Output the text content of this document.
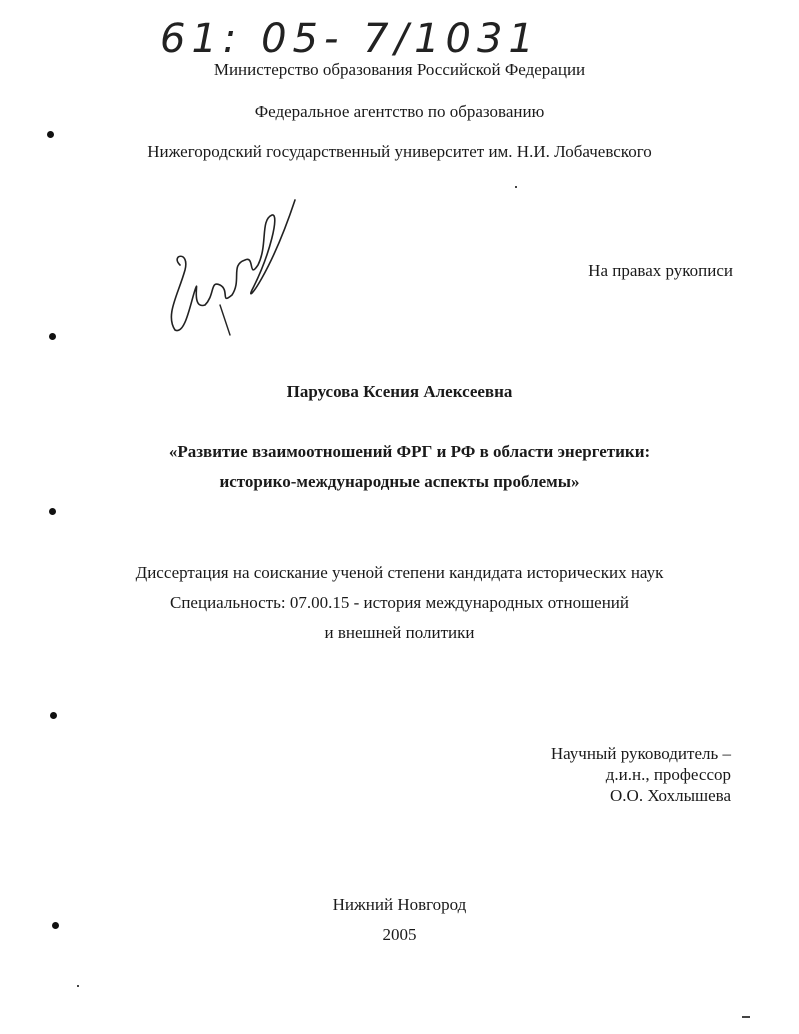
61: 05- 7/1031
Министерство образования Российской Федерации
Федеральное агентство по образованию
Нижегородский государственный университет им. Н.И. Лобачевского
На правах рукописи
Парусова Ксения Алексеевна
«Развитие взаимоотношений ФРГ и РФ в области энергетики:
историко-международные аспекты проблемы»
Диссертация на соискание ученой степени кандидата исторических наук
Специальность: 07.00.15 - история международных отношений
и внешней политики
Научный руководитель –
д.и.н., профессор
О.О. Хохлышева
Нижний Новгород
2005
